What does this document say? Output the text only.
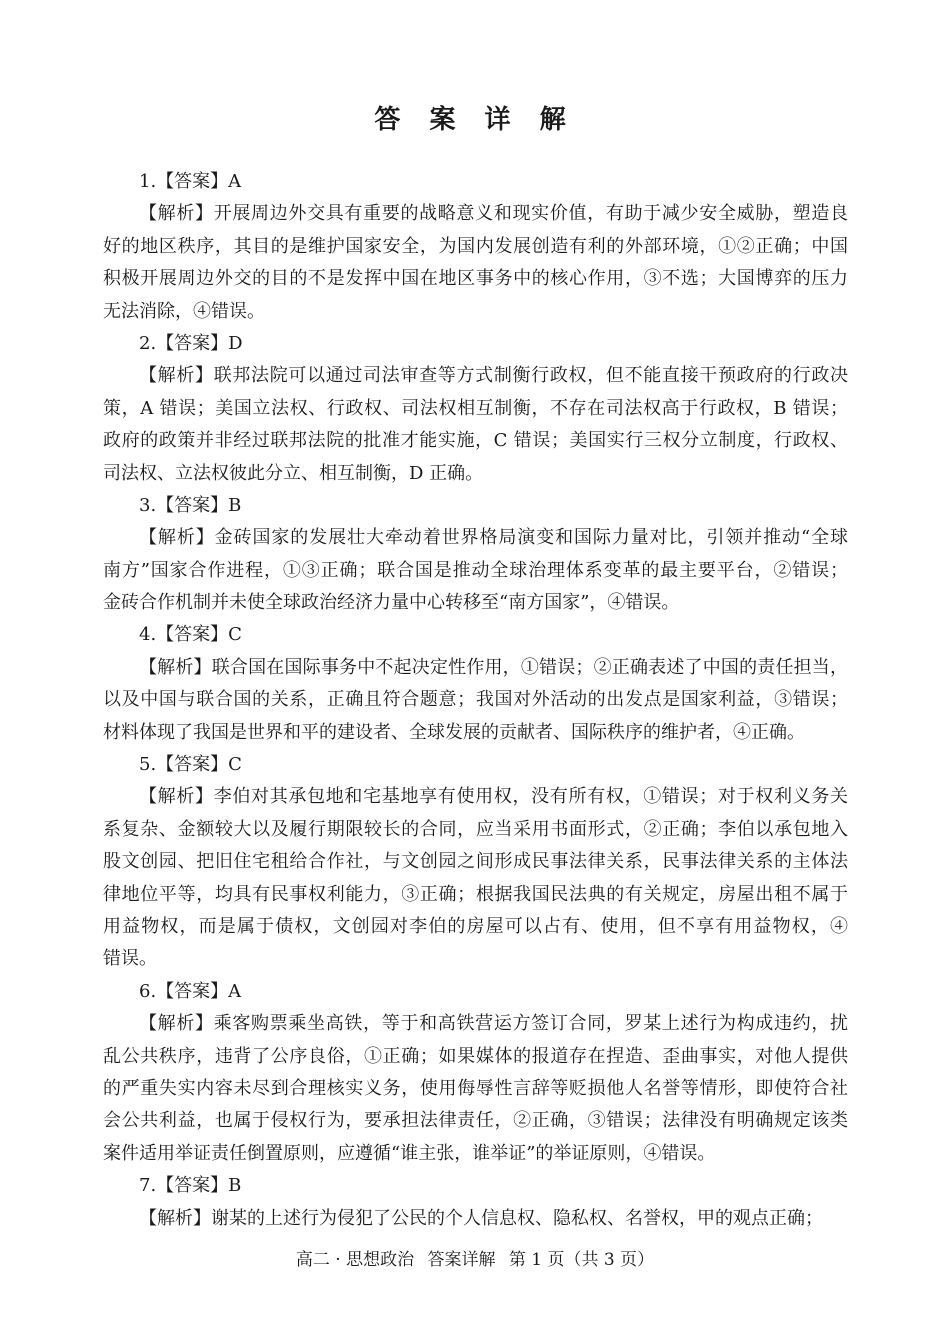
答 案 详 解
1.【答案】A
【解析】开展周边外交具有重要的战略意义和现实价值，有助于减少安全威胁，塑造良
好的地区秩序，其目的是维护国家安全，为国内发展创造有利的外部环境，①②正确；中国
积极开展周边外交的目的不是发挥中国在地区事务中的核心作用，③不选；大国博弈的压力
无法消除，④错误。
2.【答案】D
【解析】联邦法院可以通过司法审查等方式制衡行政权，但不能直接干预政府的行政决
策，A 错误；美国立法权、行政权、司法权相互制衡，不存在司法权高于行政权，B 错误；
政府的政策并非经过联邦法院的批准才能实施，C 错误；美国实行三权分立制度，行政权、
司法权、立法权彼此分立、相互制衡，D 正确。
3.【答案】B
【解析】金砖国家的发展壮大牵动着世界格局演变和国际力量对比，引领并推动“全球
南方”国家合作进程，①③正确；联合国是推动全球治理体系变革的最主要平台，②错误；
金砖合作机制并未使全球政治经济力量中心转移至“南方国家”，④错误。
4.【答案】C
【解析】联合国在国际事务中不起决定性作用，①错误；②正确表述了中国的责任担当，
以及中国与联合国的关系，正确且符合题意；我国对外活动的出发点是国家利益，③错误；
材料体现了我国是世界和平的建设者、全球发展的贡献者、国际秩序的维护者，④正确。
5.【答案】C
【解析】李伯对其承包地和宅基地享有使用权，没有所有权，①错误；对于权利义务关
系复杂、金额较大以及履行期限较长的合同，应当采用书面形式，②正确；李伯以承包地入
股文创园、把旧住宅租给合作社，与文创园之间形成民事法律关系，民事法律关系的主体法
律地位平等，均具有民事权利能力，③正确；根据我国民法典的有关规定，房屋出租不属于
用益物权，而是属于债权，文创园对李伯的房屋可以占有、使用，但不享有用益物权，④
错误。
6.【答案】A
【解析】乘客购票乘坐高铁，等于和高铁营运方签订合同，罗某上述行为构成违约，扰
乱公共秩序，违背了公序良俗，①正确；如果媒体的报道存在捏造、歪曲事实，对他人提供
的严重失实内容未尽到合理核实义务，使用侮辱性言辞等贬损他人名誉等情形，即使符合社
会公共利益，也属于侵权行为，要承担法律责任，②正确，③错误；法律没有明确规定该类
案件适用举证责任倒置原则，应遵循“谁主张，谁举证”的举证原则，④错误。
7.【答案】B
【解析】谢某的上述行为侵犯了公民的个人信息权、隐私权、名誉权，甲的观点正确；
高二 · 思想政治 答案详解 第 1 页（共 3 页）
